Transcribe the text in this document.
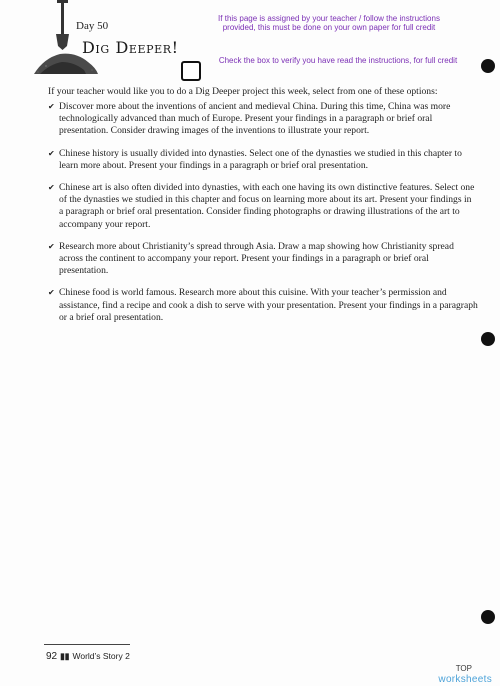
Day 50
Dig Deeper!
If this page is assigned by your teacher / follow the instructions provided, this must be done on your own paper for full credit
Check the box to verify you have read the instructions, for full credit
If your teacher would like you to do a Dig Deeper project this week, select from one of these options:
✔ Discover more about the inventions of ancient and medieval China. During this time, China was more technologically advanced than much of Europe. Present your findings in a paragraph or brief oral presentation. Consider drawing images of the inventions to illustrate your report.
✔ Chinese history is usually divided into dynasties. Select one of the dynasties we studied in this chapter to learn more about. Present your findings in a paragraph or brief oral presentation.
✔ Chinese art is also often divided into dynasties, with each one having its own distinctive features. Select one of the dynasties we studied in this chapter and focus on learning more about its art. Present your findings in a paragraph or brief oral presentation. Consider finding photographs or drawing illustrations of the art to accompany your report.
✔ Research more about Christianity’s spread through Asia. Draw a map showing how Christianity spread across the continent to accompany your report. Present your findings in a paragraph or brief oral presentation.
✔ Chinese food is world famous. Research more about this cuisine. With your teacher’s permission and assistance, find a recipe and cook a dish to serve with your presentation. Present your findings in a paragraph or a brief oral presentation.
92 ▮▮ World’s Story 2
TOP
worksheets
